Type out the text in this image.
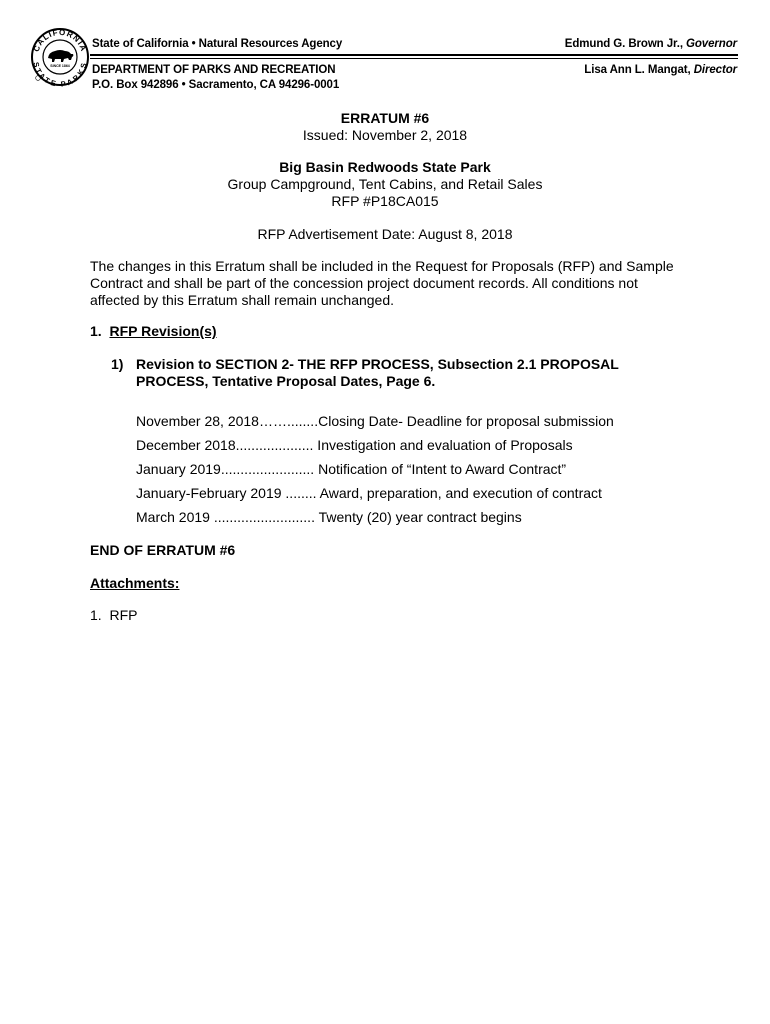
CALIFORNIA
STATE PARKS
SINCE 1864
State of California • Natural Resources Agency	Edmund G. Brown Jr., Governor
DEPARTMENT OF PARKS AND RECREATION
P.O. Box 942896 • Sacramento, CA 94296-0001
Lisa Ann L. Mangat, Director
ERRATUM #6
Issued: November 2, 2018
Big Basin Redwoods State Park
Group Campground, Tent Cabins, and Retail Sales
RFP #P18CA015
RFP Advertisement Date: August 8, 2018
The changes in this Erratum shall be included in the Request for Proposals (RFP) and Sample Contract and shall be part of the concession project document records. All conditions not affected by this Erratum shall remain unchanged.
1. RFP Revision(s)
1) Revision to SECTION 2- THE RFP PROCESS, Subsection 2.1 PROPOSAL PROCESS, Tentative Proposal Dates, Page 6.
November 28, 2018……........Closing Date- Deadline for proposal submission
December 2018.................... Investigation and evaluation of Proposals
January 2019........................ Notification of “Intent to Award Contract”
January-February 2019 ........ Award, preparation, and execution of contract
March 2019 .......................... Twenty (20) year contract begins
END OF ERRATUM #6
Attachments:
1.  RFP
